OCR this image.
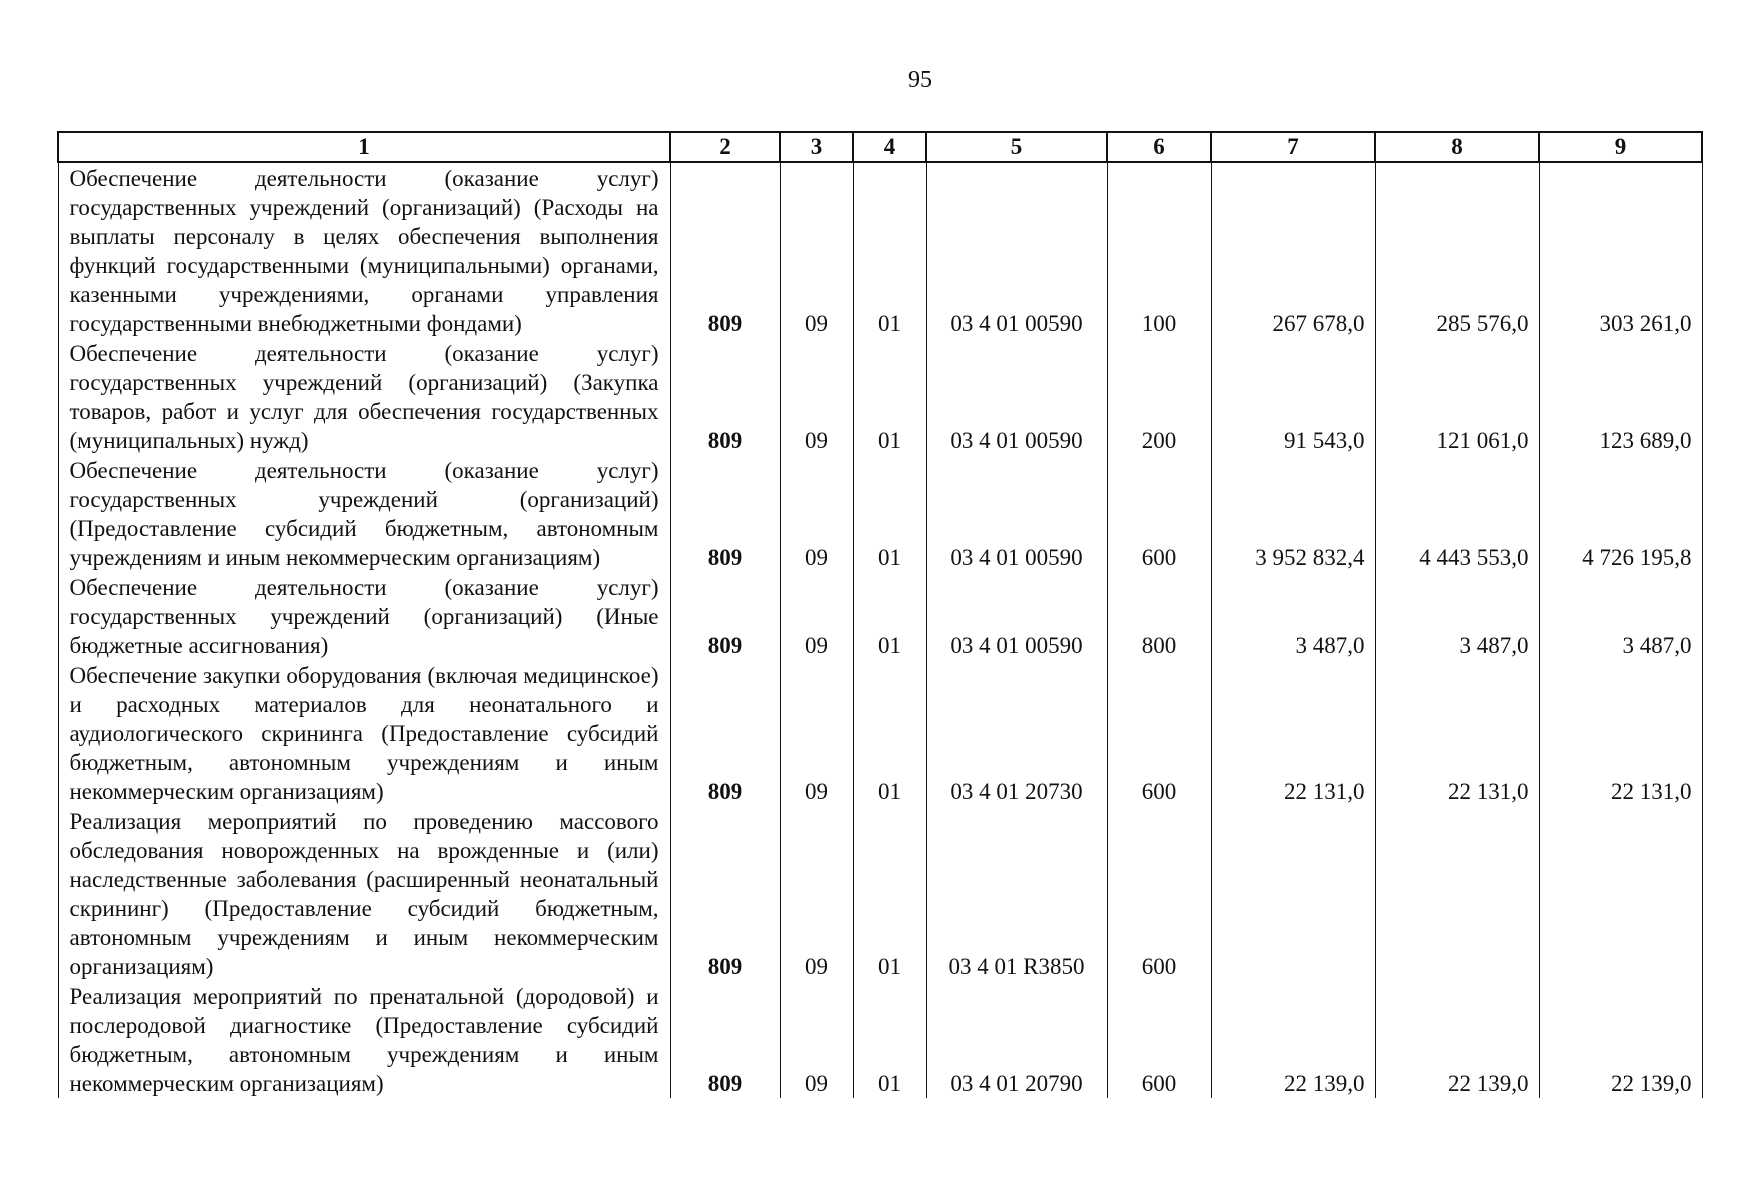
95
1	2	3	4	5	6	7	8	9
Обеспечение деятельности (оказание услуг) государственных учреждений (организаций) (Расходы на выплаты персоналу в целях обеспечения выполнения функций государственными (муниципальными) органами, казенными учреждениями, органами управления государственными внебюджетными фондами)	809	09	01	03 4 01 00590	100	267 678,0	285 576,0	303 261,0
Обеспечение деятельности (оказание услуг) государственных учреждений (организаций) (Закупка товаров, работ и услуг для обеспечения государственных (муниципальных) нужд)	809	09	01	03 4 01 00590	200	91 543,0	121 061,0	123 689,0
Обеспечение деятельности (оказание услуг) государственных учреждений (организаций) (Предоставление субсидий бюджетным, автономным учреждениям и иным некоммерческим организациям)	809	09	01	03 4 01 00590	600	3 952 832,4	4 443 553,0	4 726 195,8
Обеспечение деятельности (оказание услуг) государственных учреждений (организаций) (Иные бюджетные ассигнования)	809	09	01	03 4 01 00590	800	3 487,0	3 487,0	3 487,0
Обеспечение закупки оборудования (включая медицинское) и расходных материалов для неонатального и аудиологического скрининга (Предоставление субсидий бюджетным, автономным учреждениям и иным некоммерческим организациям)	809	09	01	03 4 01 20730	600	22 131,0	22 131,0	22 131,0
Реализация мероприятий по проведению массового обследования новорожденных на врожденные и (или) наследственные заболевания (расширенный неонатальный скрининг) (Предоставление субсидий бюджетным, автономным учреждениям и иным некоммерческим организациям)	809	09	01	03 4 01 R3850	600			
Реализация мероприятий по пренатальной (дородовой) и послеродовой диагностике (Предоставление субсидий бюджетным, автономным учреждениям и иным некоммерческим организациям)	809	09	01	03 4 01 20790	600	22 139,0	22 139,0	22 139,0
